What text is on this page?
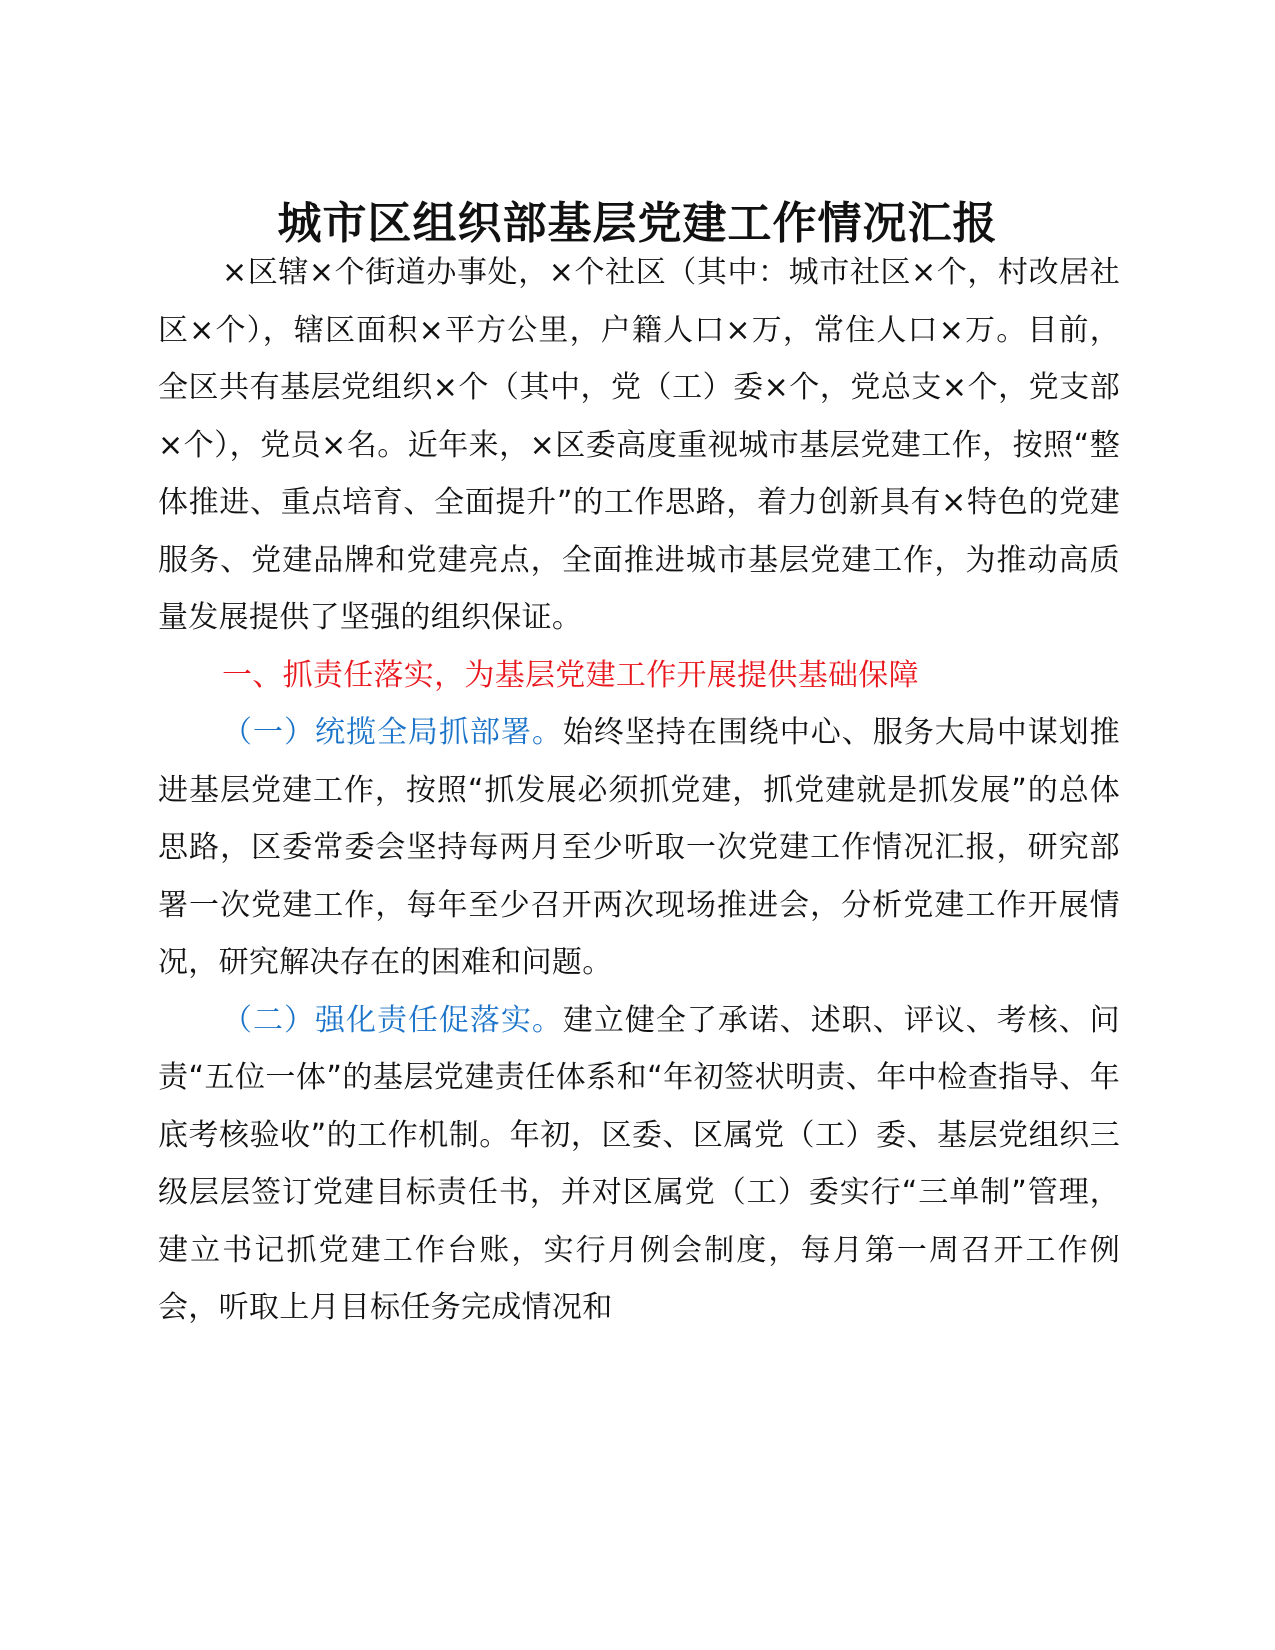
城市区组织部基层党建工作情况汇报

×区辖×个街道办事处，×个社区（其中：城市社区×个，村改居社区×个），辖区面积×平方公里，户籍人口×万，常住人口×万。目前，全区共有基层党组织×个（其中，党（工）委×个，党总支×个，党支部×个），党员×名。近年来，×区委高度重视城市基层党建工作，按照“整体推进、重点培育、全面提升”的工作思路，着力创新具有×特色的党建服务、党建品牌和党建亮点，全面推进城市基层党建工作，为推动高质量发展提供了坚强的组织保证。

一、抓责任落实，为基层党建工作开展提供基础保障

（一）统揽全局抓部署。始终坚持在围绕中心、服务大局中谋划推进基层党建工作，按照“抓发展必须抓党建，抓党建就是抓发展”的总体思路，区委常委会坚持每两月至少听取一次党建工作情况汇报，研究部署一次党建工作，每年至少召开两次现场推进会，分析党建工作开展情况，研究解决存在的困难和问题。

（二）强化责任促落实。建立健全了承诺、述职、评议、考核、问责“五位一体”的基层党建责任体系和“年初签状明责、年中检查指导、年底考核验收”的工作机制。年初，区委、区属党（工）委、基层党组织三级层层签订党建目标责任书，并对区属党（工）委实行“三单制”管理，建立书记抓党建工作台账，实行月例会制度，每月第一周召开工作例会，听取上月目标任务完成情况和
